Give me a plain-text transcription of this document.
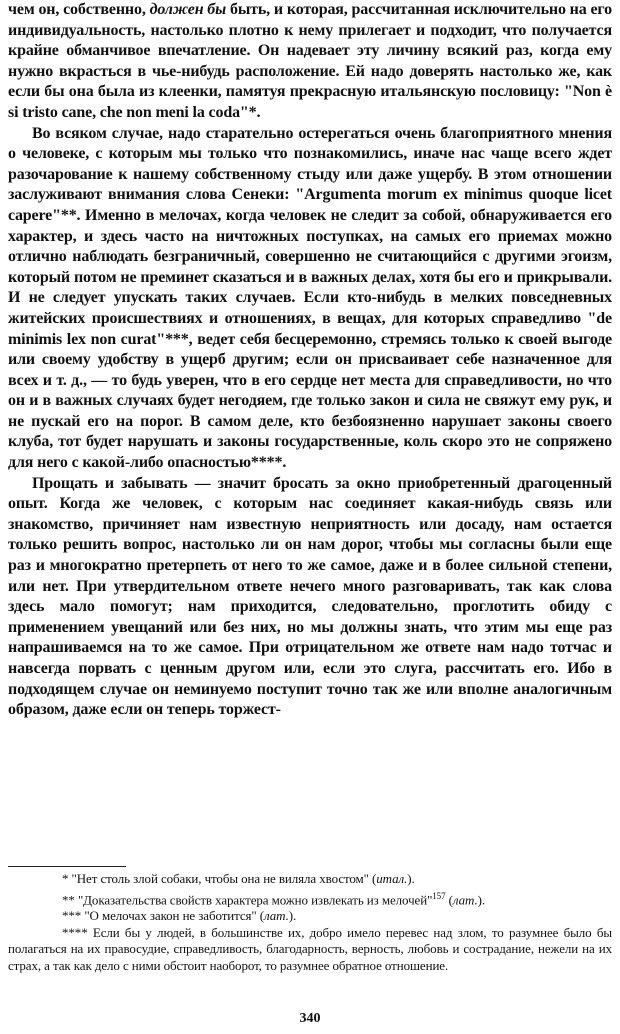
чем он, собственно, должен бы быть, и которая, рассчитанная исключительно на его индивидуальность, настолько плотно к нему прилегает и подходит, что получается крайне обманчивое впечатление. Он надевает эту личину всякий раз, когда ему нужно вкрасться в чье-нибудь расположение. Ей надо доверять настолько же, как если бы она была из клеенки, памятуя прекрасную итальянскую пословицу: "Non è si tristo cane, che non meni la coda"*.

Во всяком случае, надо старательно остерегаться очень благоприятного мнения о человеке, с которым мы только что познакомились, иначе нас чаще всего ждет разочарование к нашему собственному стыду или даже ущербу. В этом отношении заслуживают внимания слова Сенеки: "Argumenta morum ex minimus quoque licet capere"**. Именно в мелочах, когда человек не следит за собой, обнаруживается его характер, и здесь часто на ничтожных поступках, на самых его приемах можно отлично наблюдать безграничный, совершенно не считающийся с другими эгоизм, который потом не преминет сказаться и в важных делах, хотя бы его и прикрывали. И не следует упускать таких случаев. Если кто-нибудь в мелких повседневных житейских происшествиях и отношениях, в вещах, для которых справедливо "de minimis lex non curat"***, ведет себя бесцеремонно, стремясь только к своей выгоде или своему удобству в ущерб другим; если он присваивает себе назначенное для всех и т. д., — то будь уверен, что в его сердце нет места для справедливости, но что он и в важных случаях будет негодяем, где только закон и сила не свяжут ему рук, и не пускай его на порог. В самом деле, кто безбоязненно нарушает законы своего клуба, тот будет нарушать и законы государственные, коль скоро это не сопряжено для него с какой-либо опасностью****.

Прощать и забывать — значит бросать за окно приобретенный драгоценный опыт. Когда же человек, с которым нас соединяет какая-нибудь связь или знакомство, причиняет нам известную неприятность или досаду, нам остается только решить вопрос, настолько ли он нам дорог, чтобы мы согласны были еще раз и многократно претерпеть от него то же самое, даже и в более сильной степени, или нет. При утвердительном ответе нечего много разговаривать, так как слова здесь мало помогут; нам приходится, следовательно, проглотить обиду с применением увещаний или без них, но мы должны знать, что этим мы еще раз напрашиваемся на то же самое. При отрицательном же ответе нам надо тотчас и навсегда порвать с ценным другом или, если это слуга, рассчитать его. Ибо в подходящем случае он неминуемо поступит точно так же или вполне аналогичным образом, даже если он теперь торжест-

* "Нет столь злой собаки, чтобы она не виляла хвостом" (итал.).

** "Доказательства свойств характера можно извлекать из мелочей"$^{157}$ (лат.).

*** "О мелочах закон не заботится" (лат.).

**** Если бы у людей, в большинстве их, добро имело перевес над злом, то разумнее было бы полагаться на их правосудие, справедливость, благодарность, верность, любовь и сострадание, нежели на их страх, а так как дело с ними обстоит наоборот, то разумнее обратное отношение.

340
